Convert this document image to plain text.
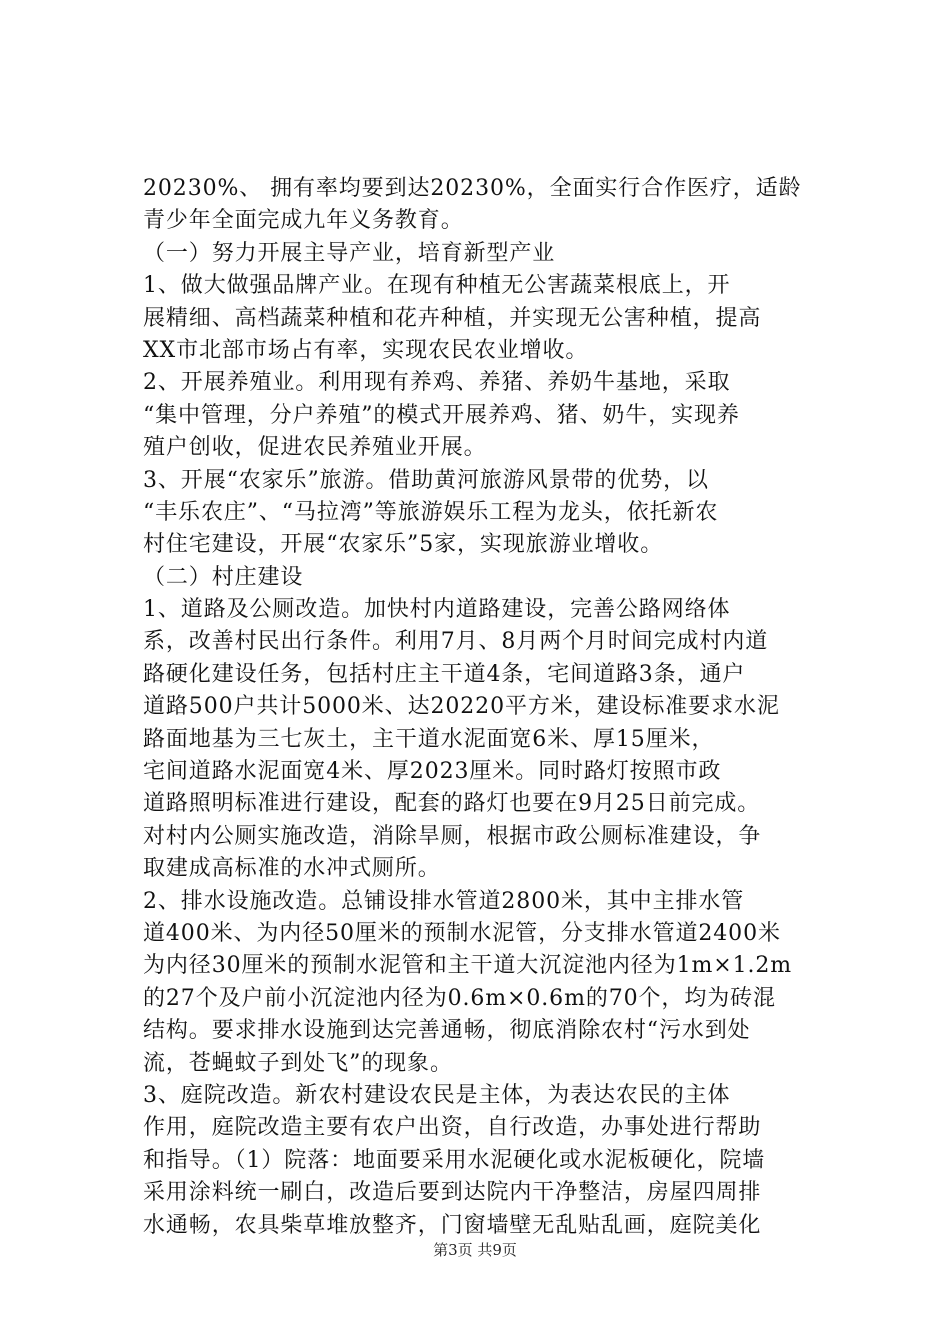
20230%、 拥有率均要到达20230%，全面实行合作医疗，适龄
青少年全面完成九年义务教育。
（一）努力开展主导产业，培育新型产业
1、做大做强品牌产业。在现有种植无公害蔬菜根底上，开
展精细、高档蔬菜种植和花卉种植，并实现无公害种植，提高
XX市北部市场占有率，实现农民农业增收。
2、开展养殖业。利用现有养鸡、养猪、养奶牛基地，采取
“集中管理，分户养殖”的模式开展养鸡、猪、奶牛，实现养
殖户创收，促进农民养殖业开展。
3、开展“农家乐”旅游。借助黄河旅游风景带的优势，以
“丰乐农庄”、“马拉湾”等旅游娱乐工程为龙头，依托新农
村住宅建设，开展“农家乐”5家，实现旅游业增收。
（二）村庄建设
1、道路及公厕改造。加快村内道路建设，完善公路网络体
系，改善村民出行条件。利用7月、8月两个月时间完成村内道
路硬化建设任务，包括村庄主干道4条，宅间道路3条，通户
道路500户共计5000米、达20220平方米，建设标准要求水泥
路面地基为三七灰土，主干道水泥面宽6米、厚15厘米，
宅间道路水泥面宽4米、厚2023厘米。同时路灯按照市政
道路照明标准进行建设，配套的路灯也要在9月25日前完成。
对村内公厕实施改造，消除旱厕，根据市政公厕标准建设，争
取建成高标准的水冲式厕所。
2、排水设施改造。总铺设排水管道2800米，其中主排水管
道400米、为内径50厘米的预制水泥管，分支排水管道2400米
为内径30厘米的预制水泥管和主干道大沉淀池内径为1m×1.2m
的27个及户前小沉淀池内径为0.6m×0.6m的70个，均为砖混
结构。要求排水设施到达完善通畅，彻底消除农村“污水到处
流，苍蝇蚊子到处飞”的现象。
3、庭院改造。新农村建设农民是主体，为表达农民的主体
作用，庭院改造主要有农户出资，自行改造，办事处进行帮助
和指导。（1）院落：地面要采用水泥硬化或水泥板硬化，院墙
采用涂料统一刷白，改造后要到达院内干净整洁，房屋四周排
水通畅，农具柴草堆放整齐，门窗墙壁无乱贴乱画，庭院美化
第3页 共9页
